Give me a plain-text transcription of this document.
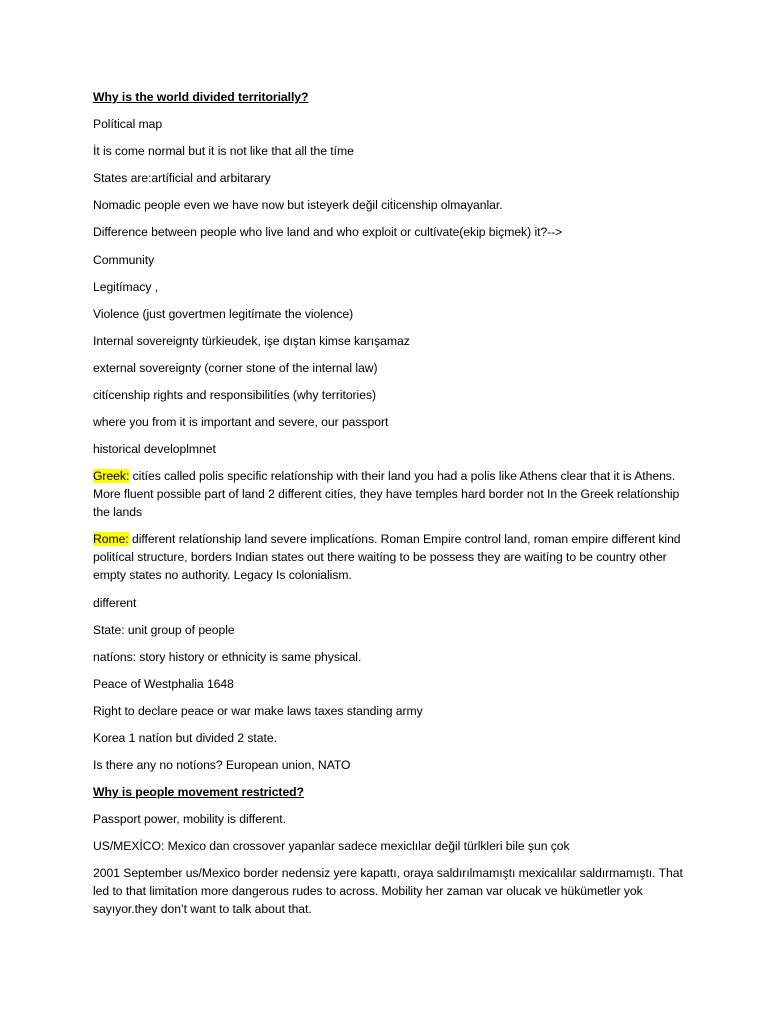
Why is the world divided territorially?

Polítical map

İt is come normal but it is not like that all the tíme

States are:artíficial and arbitarary

Nomadic people even we have now but isteyerk değil ciṫicenship olmayanlar.

Difference between people who live land and who exploit or cultívate(ekip biçmek) it?-->

Community

Legitímacy ,

Violence (just govertmen legitímate the violence)

Internal sovereignty türkieudek, işe dıştan kimse karışamaz

external sovereignty (corner stone of the internal law)

citícenship rights and responsibilitíes (why territories)

where you from it is important and severe, our passport

historical developlmnet

Greek: citíes called polis specific relatíonship with their land you had a polis like Athens clear that it is Athens. More fluent possible part of land 2 different citíes, they have temples hard border not In the Greek relatíonship the lands

Rome: different relatíonship land severe implicatíons. Roman Empire control land, roman empire different kind politícal structure, borders Indian states out there waitíng to be possess they are waitíng to be country other empty states no authority. Legacy Is colonialism.

different

State: unit group of people

natíons: story history or ethnicity is same physical.

Peace of Westphalia 1648

Right to declare peace or war make laws taxes standing army

Korea 1 natíon but divided 2 state.

Is there any no notíons? European union, NATO

Why is people movement restricted?

Passport power, mobility is different.

US/MEXİCO: Mexico dan crossover yapanlar sadece mexiclılar değil türlkleri bile şun çok

2001 September us/Mexico border nedensiz yere kapattı, oraya saldırılmamıştı mexicalılar saldırmamıştı. That led to that limitatíon more dangerous rudes to across. Mobility her zaman var olucak ve hükümetler yok sayıyor.they don’t want to talk about that.
